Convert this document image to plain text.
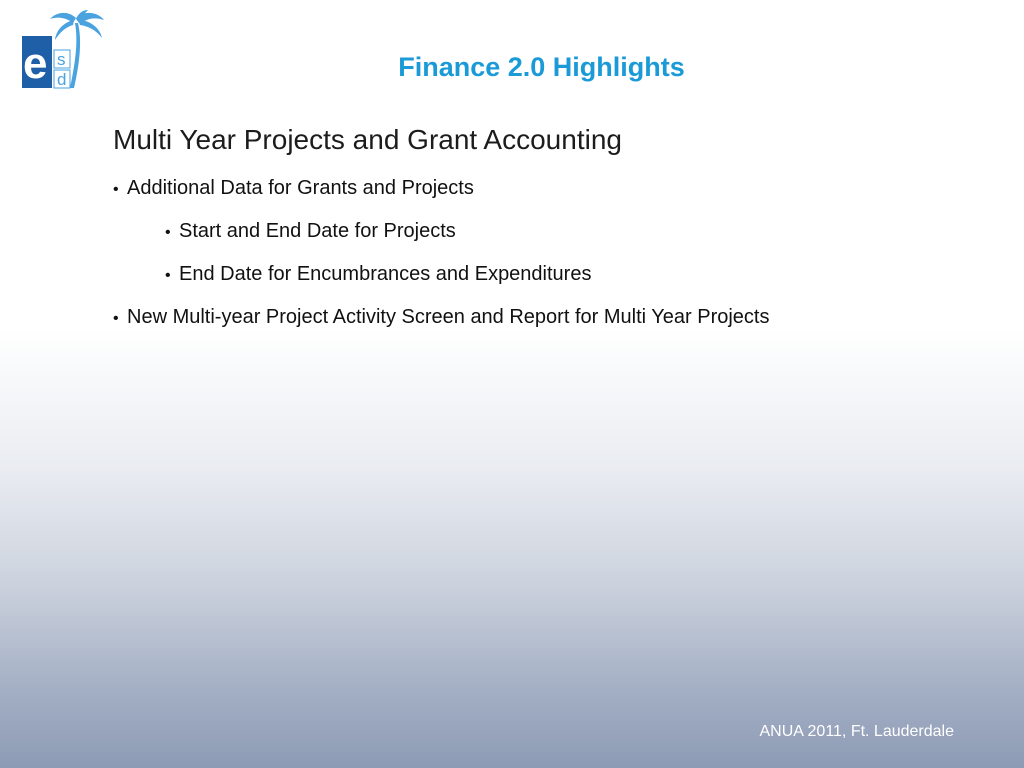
e s
d	Finance 2.0 Highlights
Multi Year Projects and Grant Accounting
• Additional Data for Grants and Projects
• Start and End Date for Projects
• End Date for Encumbrances and Expenditures
• New Multi-year Project Activity Screen and Report for Multi Year Projects
ANUA 2011, Ft. Lauderdale
